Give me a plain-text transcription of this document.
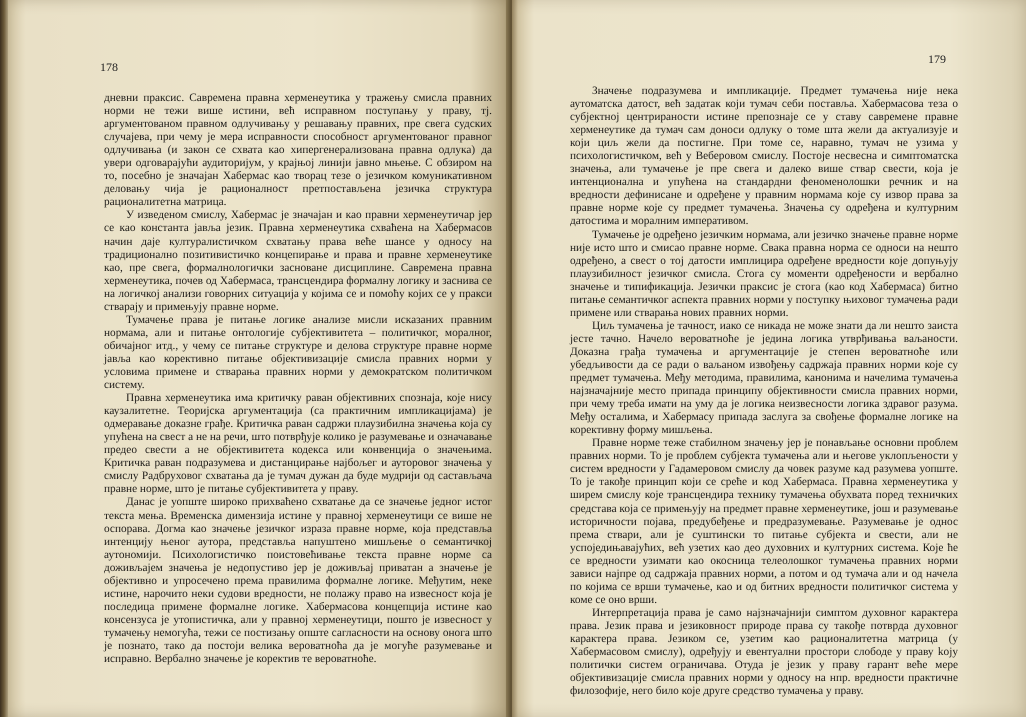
178

дневни праксис. Савремена правна херменеутика у тражењу смисла правних норми не тежи више истини, већ исправном поступању у праву, тј. аргументованом правном одлучивању у решавању правних, пре свега судских случајева, при чему је мера исправности способност аргументованог правног одлучивања (и закон се схвата као хипергенерализована правна одлука) да увери одговарајући аудиторијум, у крајњој линији јавно мњење. С обзиром на то, посебно је значајан Хабермас као творац тезе о језичком комуникативном деловању чија је рационалност претпостављена језичка структура рационалитетна матрица.

У изведеном смислу, Хабермас је значајан и као правни херменеутичар јер се као константа јавља језик. Правна херменеутика схваћена на Хабермасов начин даје културалистичком схватању права веће шансе у односу на традиционално позитивистичко концепирање и права и правне херменеутике као, пре свега, формалнологички засноване дисциплине. Савремена правна херменеутика, почев од Хабермаса, трансцендира формалну логику и заснива се на логичкој анализи говорних ситуација у којима се и помоћу којих се у пракси стварају и примењују правне норме.

Тумачење права је питање логике анализе мисли исказаних правним нормама, али и питање онтологије субјективитета – политичког, моралног, обичајног итд., у чему се питање структуре и делова структуре правне норме јавља као корективно питање објективизације смисла правних норми у условима примене и стварања правних норми у демократском политичком систему.

Правна херменеутика има критичку раван објективних спознаја, које нису каузалитетне. Теоријска аргументација (са практичним импликацијама) је одмеравање доказне грађе. Критичка раван садржи плаузибилна значења која су упућена на свест а не на речи, што потврђује колико је разумевање и означавање предео свести а не објективитета кодекса или конвенција о значењима. Критичка раван подразумева и дистанцирање најбољег и ауторовог значења у смислу Радбруховог схватања да је тумач дужан да буде мудрији од састављача правне норме, што је питање субјективитета у праву.

Данас је уопште широко прихваћено схватање да се значење једног истог текста мења. Временска димензија истине у правној херменеутици се више не оспорава. Догма као значење језичког израза правне норме, која представља интенцију њеног аутора, представља напуштено мишљење о семантичкој аутономији. Психологистичко поистовећивање текста правне норме са доживљајем значења је недопустиво јер је доживљај приватан а значење је објективно и упросечено према правилима формалне логике. Међутим, неке истине, нарочито неки судови вредности, не полажу право на извесност која је последица примене формалне логике. Хабермасова концепција истине као консензуса је утопистичка, али у правној херменеутици, пошто је извесност у тумачењу немогућа, тежи се постизању опште сагласности на основу онога што је познато, тако да постоји велика вероватноћа да је могуће разумевање и исправно. Вербално значење је коректив те вероватноће.

179

Значење подразумева и импликације. Предмет тумачења није нека аутоматска датост, већ задатак који тумач себи поставља. Хабермасова теза о субјектној центрираности истине препознаје се у ставу савремене правне херменеутике да тумач сам доноси одлуку о томе шта жели да актуализује и који циљ жели да постигне. При томе се, наравно, тумач не узима у психологистичком, већ у Веберовом смислу. Постоје несвесна и симптоматска значења, али тумачење је пре свега и далеко више ствар свести, која је интенционална и упућена на стандардни феноменолошки речник и на вредности дефинисане и одређене у правним нормама које су извор права за правне норме које су предмет тумачења. Значења су одређена и културним датостима и моралним императивом.

Тумачење је одређено језичким нормама, али језичко значење правне норме није исто што и смисао правне норме. Свака правна норма се односи на нешто одређено, а свест о тој датости имплицира одређене вредности које допуњују плаузибилност језичког смисла. Стога су моменти одређености и вербално значење и типификација. Језички праксис је стога (као код Хабермаса) битно питање семантичког аспекта правних норми у поступку њиховог тумачења ради примене или стварања нових правних норми.

Циљ тумачења је тачност, иако се никада не може знати да ли нешто заиста јесте тачно. Начело вероватноће је једина логика утврђивања ваљаности. Доказна грађа тумачења и аргументације је степен вероватноће или убедљивости да се ради о ваљаном извођењу садржаја правних норми које су предмет тумачења. Међу методима, правилима, канонима и начелима тумачења најзначајније место припада принципу објективности смисла правних норми, при чему треба имати на уму да је логика неизвесности логика здравог разума. Међу осталима, и Хабермасу припада заслуга за свођење формалне логике на корективну форму мишљења.

Правне норме теже стабилном значењу јер је понављање основни проблем правних норми. То је проблем субјекта тумачења али и његове уклопљености у систем вредности у Гадамеровом смислу да човек разуме кад разумева уопште. То је такође принцип који се среће и код Хабермаса. Правна херменеутика у ширем смислу које трансцендира технику тумачења обухвата поред техничких средстава која се примењују на предмет правне херменеутике, још и разумевање историчности појава, предубеђење и предразумевање. Разумевање је однос према ствари, али је суштински то питање субјекта и свести, али не успоједињавајућих, већ узетих као део духовних и културних система. Које ће се вредности узимати као окосница телеолошког тумачења правних норми зависи најпре од садржаја правних норми, а потом и од тумача али и од начела по којима се врши тумачење, као и од битних вредности политичког система у коме се оно врши.

Интерпретација права је само најзначајнији симптом духовног карактера права. Језик права и језиковност природе права су такође потврда духовног карактера права. Језиком се, узетим као рационалитетна матрица (у Хабермасовом смислу), одређују и евентуални простори слободе у праву koју политички систем ограничава. Отуда је језик у праву гарант веће мере објективизације смисла правних норми у односу на нпр. вредности практичне филозофије, него било које друге средство тумачења у праву.
